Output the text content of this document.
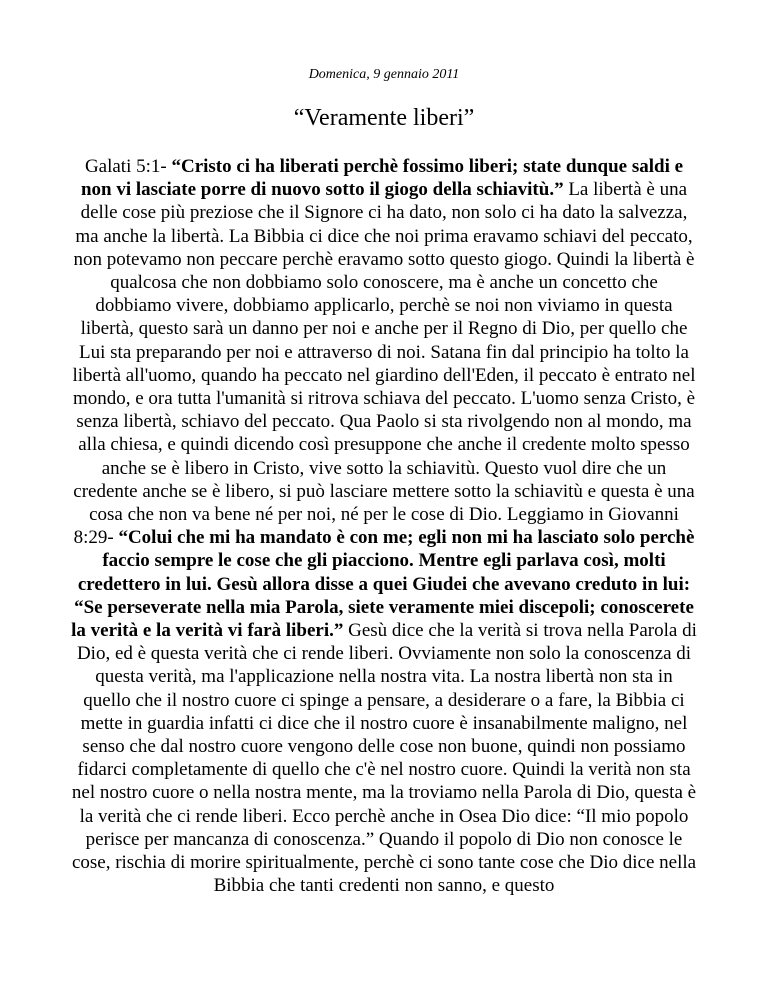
Domenica, 9 gennaio 2011

“Veramente liberi”

Galati 5:1- “Cristo ci ha liberati perchè fossimo liberi; state dunque saldi e non vi lasciate porre di nuovo sotto il giogo della schiavitù.” La libertà è una delle cose più preziose che il Signore ci ha dato, non solo ci ha dato la salvezza, ma anche la libertà. La Bibbia ci dice che noi prima eravamo schiavi del peccato, non potevamo non peccare perchè eravamo sotto questo giogo. Quindi la libertà è qualcosa che non dobbiamo solo conoscere, ma è anche un concetto che dobbiamo vivere, dobbiamo applicarlo, perchè se noi non viviamo in questa libertà, questo sarà un danno per noi e anche per il Regno di Dio, per quello che Lui sta preparando per noi e attraverso di noi. Satana fin dal principio ha tolto la libertà all'uomo, quando ha peccato nel giardino dell'Eden, il peccato è entrato nel mondo, e ora tutta l'umanità si ritrova schiava del peccato. L'uomo senza Cristo, è senza libertà, schiavo del peccato. Qua Paolo si sta rivolgendo non al mondo, ma alla chiesa, e quindi dicendo così presuppone che anche il credente molto spesso anche se è libero in Cristo, vive sotto la schiavitù. Questo vuol dire che un credente anche se è libero, si può lasciare mettere sotto la schiavitù e questa è una cosa che non va bene né per noi, né per le cose di Dio. Leggiamo in Giovanni 8:29- “Colui che mi ha mandato è con me; egli non mi ha lasciato solo perchè faccio sempre le cose che gli piacciono. Mentre egli parlava così, molti credettero in lui. Gesù allora disse a quei Giudei che avevano creduto in lui: “Se perseverate nella mia Parola, siete veramente miei discepoli; conoscerete la verità e la verità vi farà liberi.” Gesù dice che la verità si trova nella Parola di Dio, ed è questa verità che ci rende liberi. Ovviamente non solo la conoscenza di questa verità, ma l'applicazione nella nostra vita. La nostra libertà non sta in quello che il nostro cuore ci spinge a pensare, a desiderare o a fare, la Bibbia ci mette in guardia infatti ci dice che il nostro cuore è insanabilmente maligno, nel senso che dal nostro cuore vengono delle cose non buone, quindi non possiamo fidarci completamente di quello che c'è nel nostro cuore. Quindi la verità non sta nel nostro cuore o nella nostra mente, ma la troviamo nella Parola di Dio, questa è la verità che ci rende liberi. Ecco perchè anche in Osea Dio dice: “Il mio popolo perisce per mancanza di conoscenza.” Quando il popolo di Dio non conosce le cose, rischia di morire spiritualmente, perchè ci sono tante cose che Dio dice nella Bibbia che tanti credenti non sanno, e questo
